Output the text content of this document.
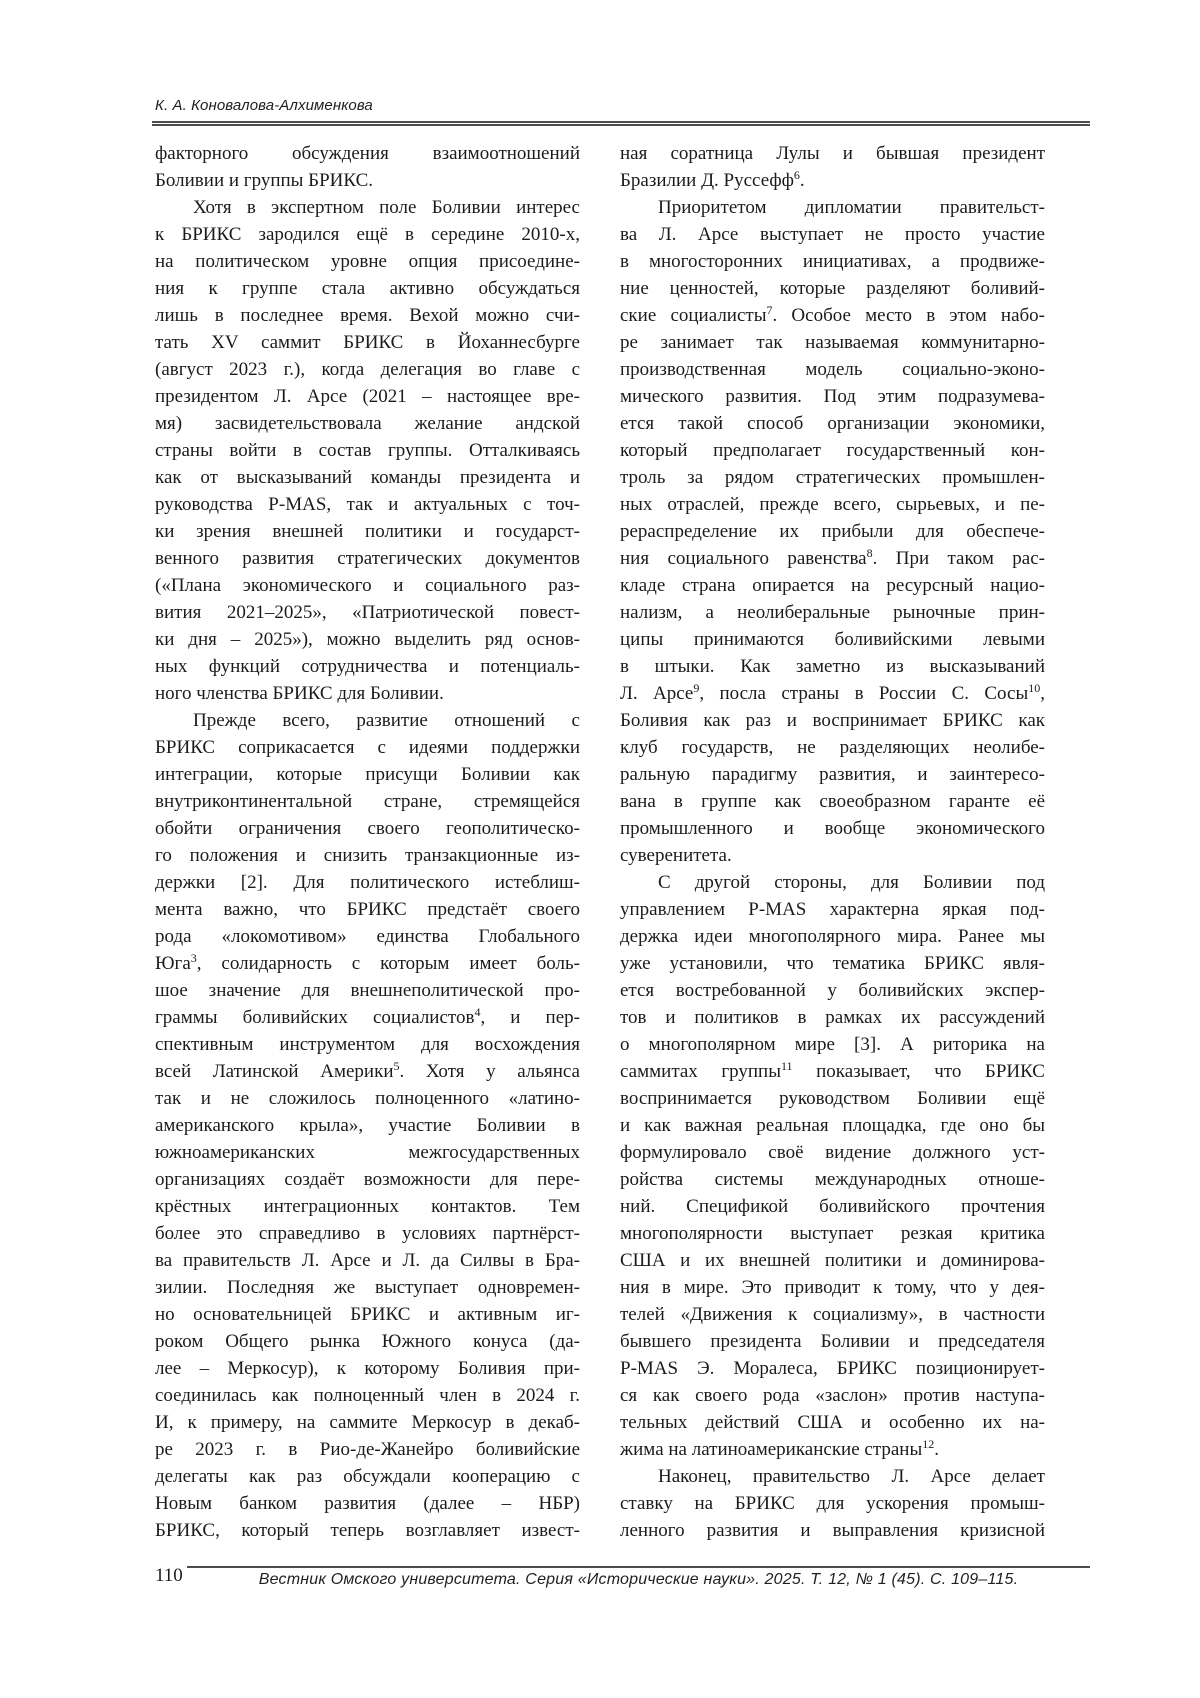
К. А. Коновалова-Алхименкова
факторного обсуждения взаимоотношений
Боливии и группы БРИКС.
Хотя в экспертном поле Боливии интерес
к БРИКС зародился ещё в середине 2010-х,
на политическом уровне опция присоедине-
ния к группе стала активно обсуждаться
лишь в последнее время. Вехой можно счи-
тать XV саммит БРИКС в Йоханнесбурге
(август 2023 г.), когда делегация во главе с
президентом Л. Арсе (2021 – настоящее вре-
мя) засвидетельствовала желание андской
страны войти в состав группы. Отталкиваясь
как от высказываний команды президента и
руководства P-MAS, так и актуальных с точ-
ки зрения внешней политики и государст-
венного развития стратегических документов
(«Плана экономического и социального раз-
вития 2021–2025», «Патриотической повест-
ки дня – 2025»), можно выделить ряд основ-
ных функций сотрудничества и потенциаль-
ного членства БРИКС для Боливии.
Прежде всего, развитие отношений с
БРИКС соприкасается с идеями поддержки
интеграции, которые присущи Боливии как
внутриконтинентальной стране, стремящейся
обойти ограничения своего геополитическо-
го положения и снизить транзакционные из-
держки [2]. Для политического истеблиш-
мента важно, что БРИКС предстаёт своего
рода «локомотивом» единства Глобального
Юга$^3$, солидарность с которым имеет боль-
шое значение для внешнеполитической про-
граммы боливийских социалистов$^4$, и пер-
спективным инструментом для восхождения
всей Латинской Америки$^5$. Хотя у альянса
так и не сложилось полноценного «латино-
американского крыла», участие Боливии в
южноамериканских межгосударственных
организациях создаёт возможности для пере-
крёстных интеграционных контактов. Тем
более это справедливо в условиях партнёрст-
ва правительств Л. Арсе и Л. да Силвы в Бра-
зилии. Последняя же выступает одновремен-
но основательницей БРИКС и активным иг-
роком Общего рынка Южного конуса (да-
лее – Меркосур), к которому Боливия при-
соединилась как полноценный член в 2024 г.
И, к примеру, на саммите Меркосур в декаб-
ре 2023 г. в Рио-де-Жанейро боливийские
делегаты как раз обсуждали кооперацию с
Новым банком развития (далее – НБР)
БРИКС, который теперь возглавляет извест-
ная соратница Лулы и бывшая президент
Бразилии Д. Руссефф$^6$.
Приоритетом дипломатии правительст-
ва Л. Арсе выступает не просто участие
в многосторонних инициативах, а продвиже-
ние ценностей, которые разделяют боливий-
ские социалисты$^7$. Особое место в этом набо-
ре занимает так называемая коммунитарно-
производственная модель социально-эконо-
мического развития. Под этим подразумева-
ется такой способ организации экономики,
который предполагает государственный кон-
троль за рядом стратегических промышлен-
ных отраслей, прежде всего, сырьевых, и пе-
рераспределение их прибыли для обеспече-
ния социального равенства$^8$. При таком рас-
кладе страна опирается на ресурсный нацио-
нализм, а неолиберальные рыночные прин-
ципы принимаются боливийскими левыми
в штыки. Как заметно из высказываний
Л. Арсе$^9$, посла страны в России С. Сосы$^{10}$,
Боливия как раз и воспринимает БРИКС как
клуб государств, не разделяющих неолибе-
ральную парадигму развития, и заинтересо-
вана в группе как своеобразном гаранте её
промышленного и вообще экономического
суверенитета.
С другой стороны, для Боливии под
управлением P-MAS характерна яркая под-
держка идеи многополярного мира. Ранее мы
уже установили, что тематика БРИКС явля-
ется востребованной у боливийских экспер-
тов и политиков в рамках их рассуждений
о многополярном мире [3]. А риторика на
саммитах группы$^{11}$ показывает, что БРИКС
воспринимается руководством Боливии ещё
и как важная реальная площадка, где оно бы
формулировало своё видение должного уст-
ройства системы международных отноше-
ний. Спецификой боливийского прочтения
многополярности выступает резкая критика
США и их внешней политики и доминирова-
ния в мире. Это приводит к тому, что у дея-
телей «Движения к социализму», в частности
бывшего президента Боливии и председателя
P-MAS Э. Моралеса, БРИКС позиционирует-
ся как своего рода «заслон» против наступа-
тельных действий США и особенно их на-
жима на латиноамериканские страны$^{12}$.
Наконец, правительство Л. Арсе делает
ставку на БРИКС для ускорения промыш-
ленного развития и выправления кризисной
110	Вестник Омского университета. Серия «Исторические науки». 2025. Т. 12, № 1 (45). С. 109–115.
